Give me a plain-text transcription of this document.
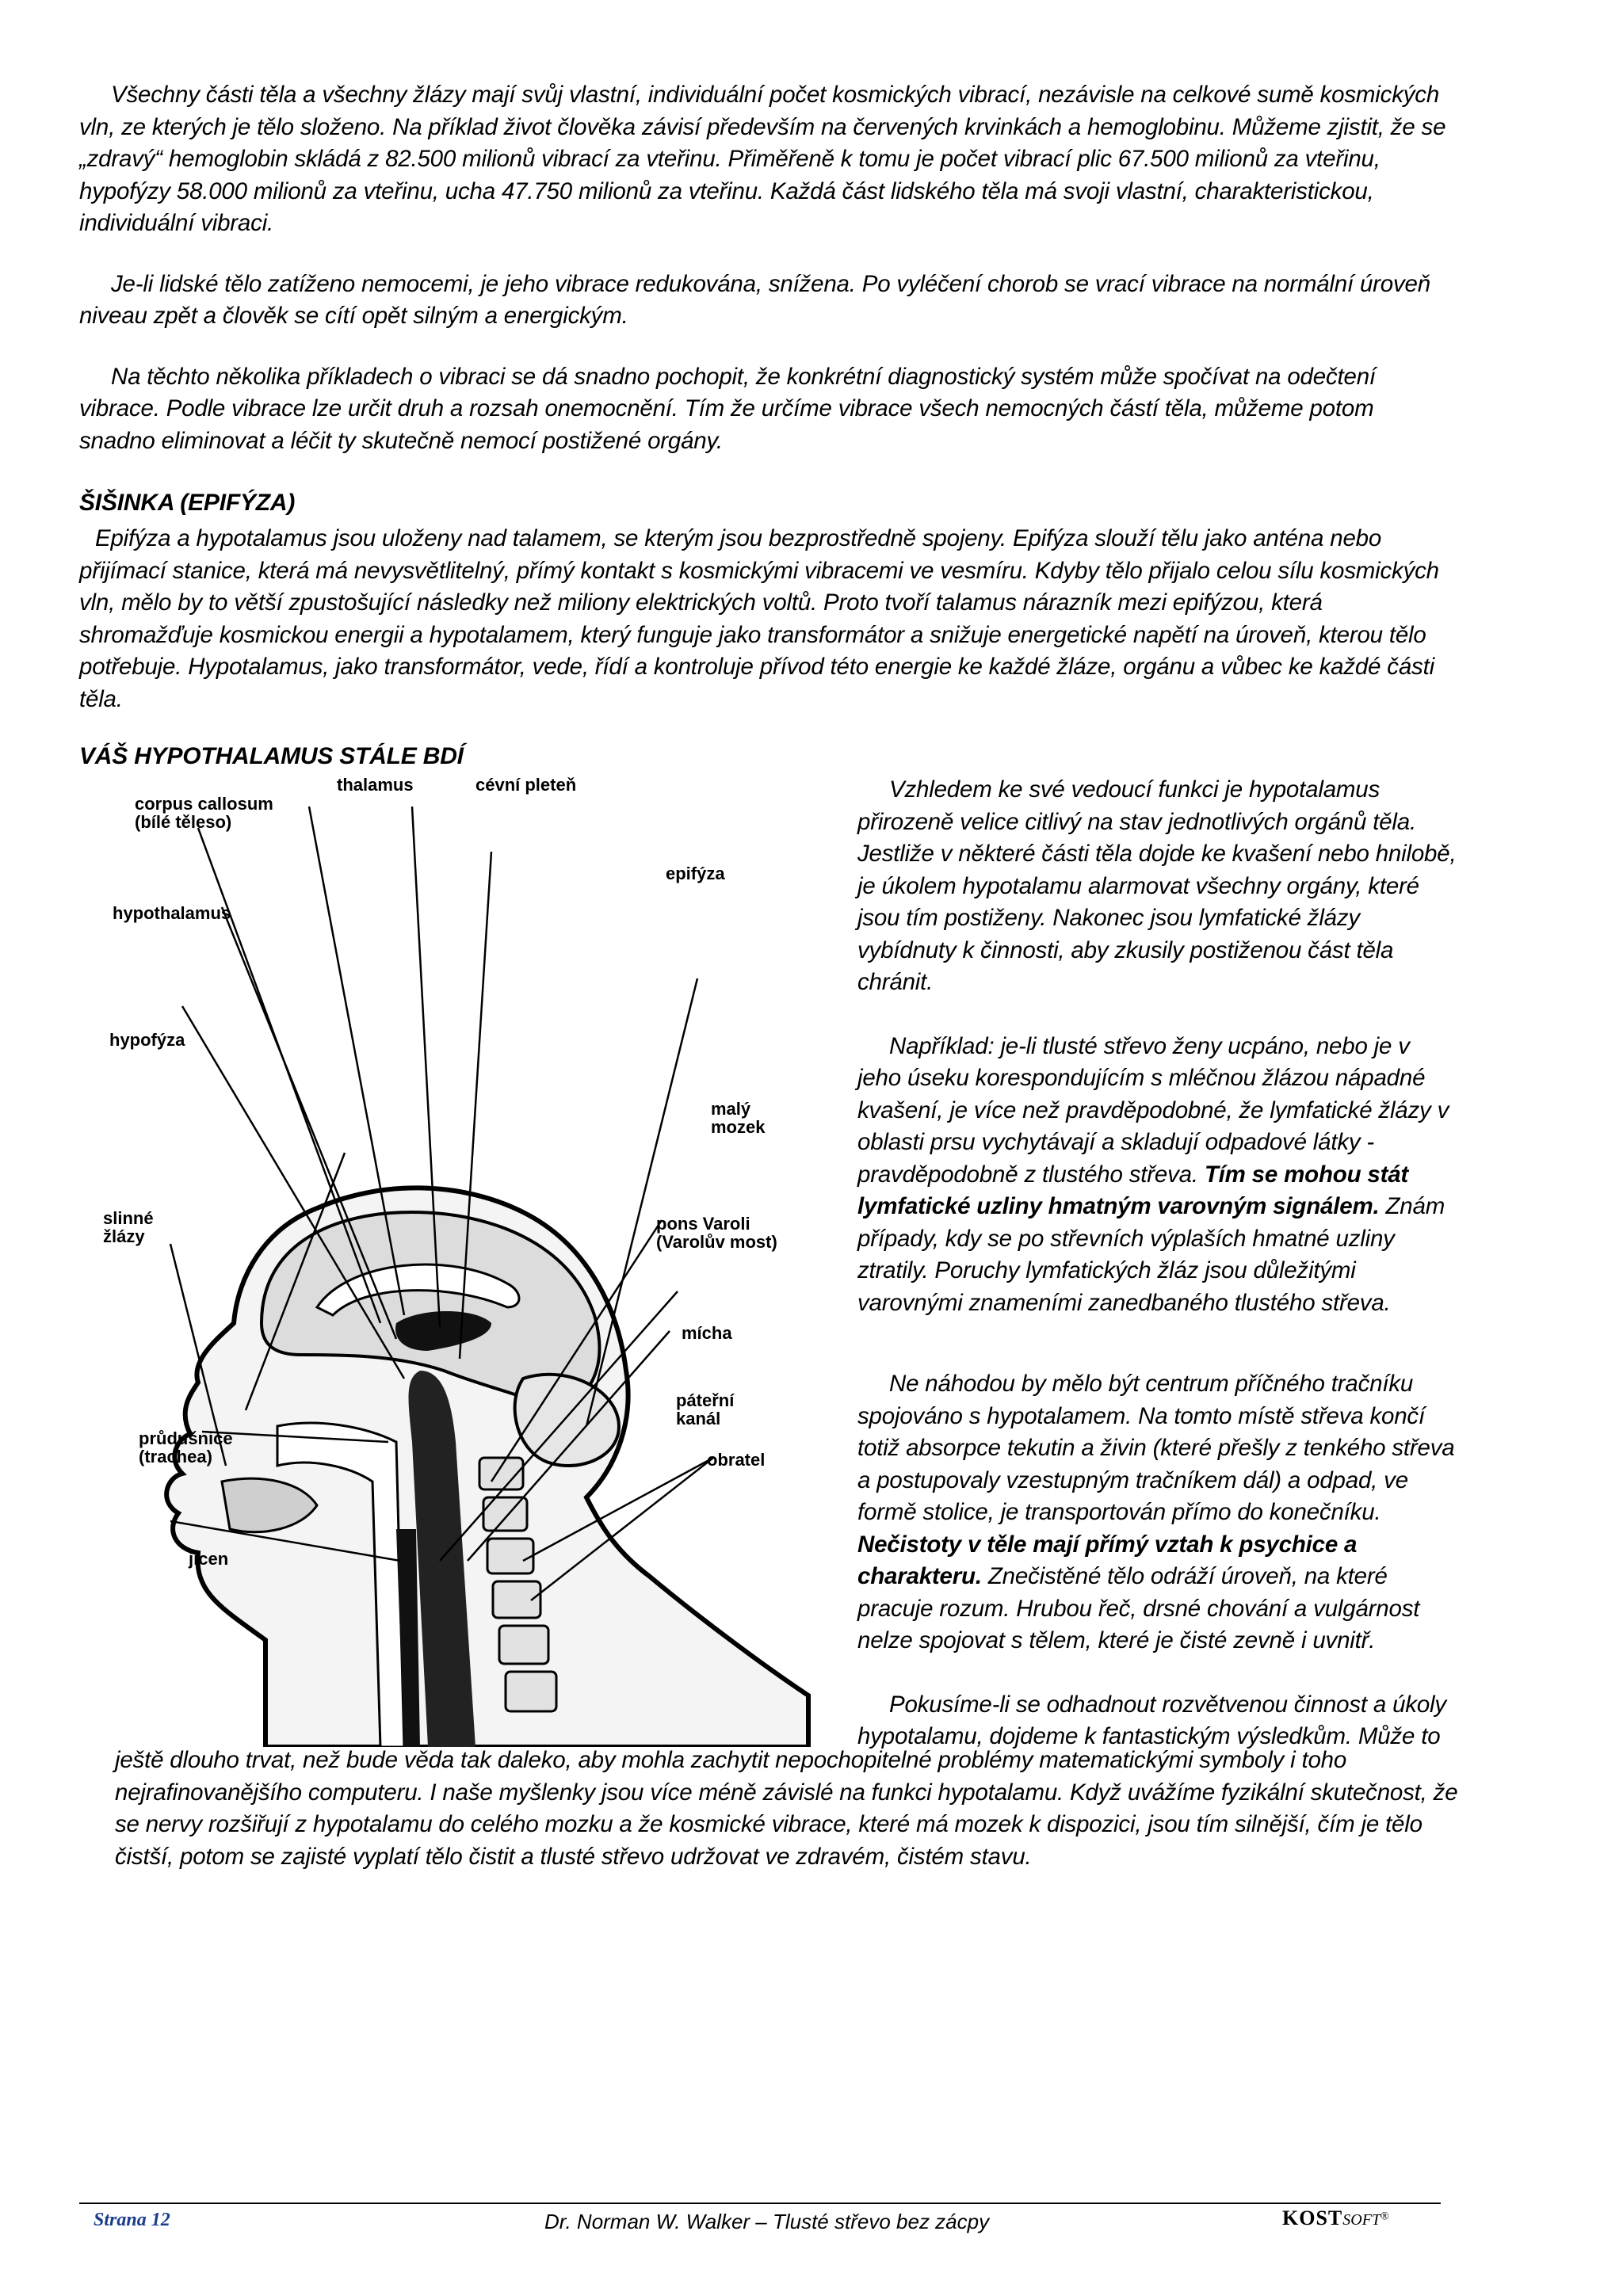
Všechny části těla a všechny žlázy mají svůj vlastní, individuální počet kosmických vibrací, nezávisle na celkové sumě kosmických vln, ze kterých je tělo složeno. Na příklad život člověka závisí především na červených krvinkách a hemoglobinu. Můžeme zjistit, že se „zdravý“ hemoglobin skládá z 82.500 milionů vibrací za vteřinu. Přiměřeně k tomu je počet vibrací plic 67.500 milionů za vteřinu, hypofýzy 58.000 milionů za vteřinu, ucha 47.750 milionů za vteřinu. Každá část lidského těla má svoji vlastní, charakteristickou, individuální vibraci.

Je-li lidské tělo zatíženo nemocemi, je jeho vibrace redukována, snížena. Po vyléčení chorob se vrací vibrace na normální úroveň niveau zpět a člověk se cítí opět silným a energickým.

Na těchto několika příkladech o vibraci se dá snadno pochopit, že konkrétní diagnostický systém může spočívat na odečtení vibrace. Podle vibrace lze určit druh a rozsah onemocnění. Tím že určíme vibrace všech nemocných částí těla, můžeme potom snadno eliminovat a léčit ty skutečně nemocí postižené orgány.

ŠIŠINKA (EPIFÝZA)

Epifýza a hypotalamus jsou uloženy nad talamem, se kterým jsou bezprostředně spojeny. Epifýza slouží tělu jako anténa nebo přijímací stanice, která má nevysvětlitelný, přímý kontakt s kosmickými vibracemi ve vesmíru. Kdyby tělo přijalo celou sílu kosmických vln, mělo by to větší zpustošující následky než miliony elektrických voltů. Proto tvoří talamus nárazník mezi epifýzou, která shromažďuje kosmickou energii a hypotalamem, který funguje jako transformátor a snižuje energetické napětí na úroveň, kterou tělo potřebuje. Hypotalamus, jako transformátor, vede, řídí a kontroluje přívod této energie ke každé žláze, orgánu a vůbec ke každé části těla.

VÁŠ HYPOTHALAMUS STÁLE BDÍ
corpus callosum
(bílé těleso)
thalamus	cévní pleteň
epifýza
hypothalamus
hypofýza
malý
mozek
slinné
žlázy
pons Varoli
(Varolův most)
mícha
páteřní
kanál
průdušnice
(trachea)	obratel
jícen

Vzhledem ke své vedoucí funkci je hypotalamus přirozeně velice citlivý na stav jednotlivých orgánů těla. Jestliže v některé části těla dojde ke kvašení nebo hnilobě, je úkolem hypotalamu alarmovat všechny orgány, které jsou tím postiženy. Nakonec jsou lymfatické žlázy vybídnuty k činnosti, aby zkusily postiženou část těla chránit.

Například: je-li tlusté střevo ženy ucpáno, nebo je v jeho úseku korespondujícím s mléčnou žlázou nápadné kvašení, je více než pravděpodobné, že lymfatické žlázy v oblasti prsu vychytávají a skladují odpadové látky - pravděpodobně z tlustého střeva. Tím se mohou stát lymfatické uzliny hmatným varovným signálem. Znám případy, kdy se po střevních výplaších hmatné uzliny ztratily. Poruchy lymfatických žláz jsou důležitými varovnými znameními zanedbaného tlustého střeva.

Ne náhodou by mělo být centrum příčného tračníku spojováno s hypotalamem. Na tomto místě střeva končí totiž absorpce tekutin a živin (které přešly z tenkého střeva a postupovaly vzestupným tračníkem dál) a odpad, ve formě stolice, je transportován přímo do konečníku. Nečistoty v těle mají přímý vztah k psychice a charakteru. Znečistěné tělo odráží úroveň, na které pracuje rozum. Hrubou řeč, drsné chování a vulgárnost nelze spojovat s tělem, které je čisté zevně i uvnitř.

Pokusíme-li se odhadnout rozvětvenou činnost a úkoly hypotalamu, dojdeme k fantastickým výsledkům. Může to

ještě dlouho trvat, než bude věda tak daleko, aby mohla zachytit nepochopitelné problémy matematickými symboly i toho nejrafinovanějšího computeru. I naše myšlenky jsou více méně závislé na funkci hypotalamu. Když uvážíme fyzikální skutečnost, že se nervy rozšiřují z hypotalamu do celého mozku a že kosmické vibrace, které má mozek k dispozici, jsou tím silnější, čím je tělo čistší, potom se zajisté vyplatí tělo čistit a tlusté střevo udržovat ve zdravém, čistém stavu.

Strana 12	Dr. Norman W. Walker – Tlusté střevo bez zácpy	KOSTSOFT®
